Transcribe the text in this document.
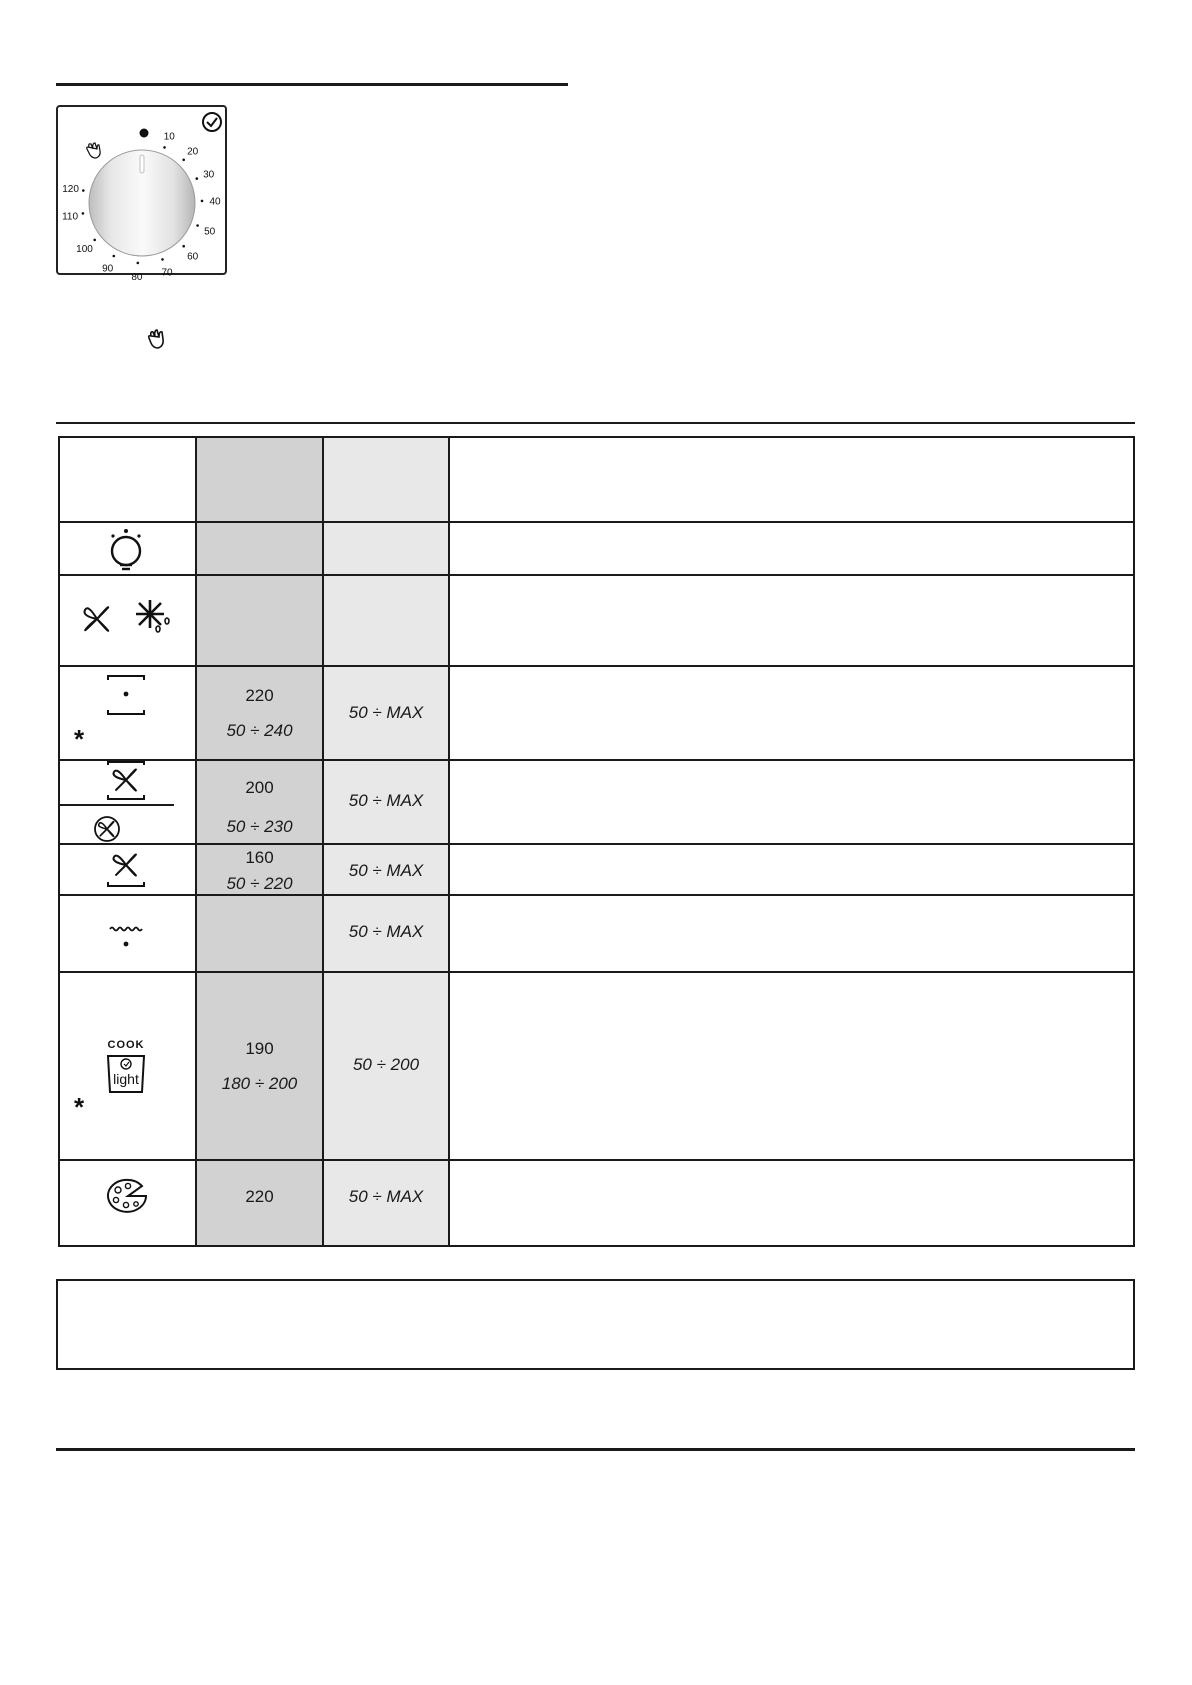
10
20
30
40
50
60
70
80
90
100
110
120
*
220
50 ÷ 240
50 ÷ MAX
200
50 ÷ 230
50 ÷ MAX
160
50 ÷ 220
50 ÷ MAX
50 ÷ MAX
COOK
light
*
190
180 ÷ 200
50 ÷ 200
220	50 ÷ MAX
